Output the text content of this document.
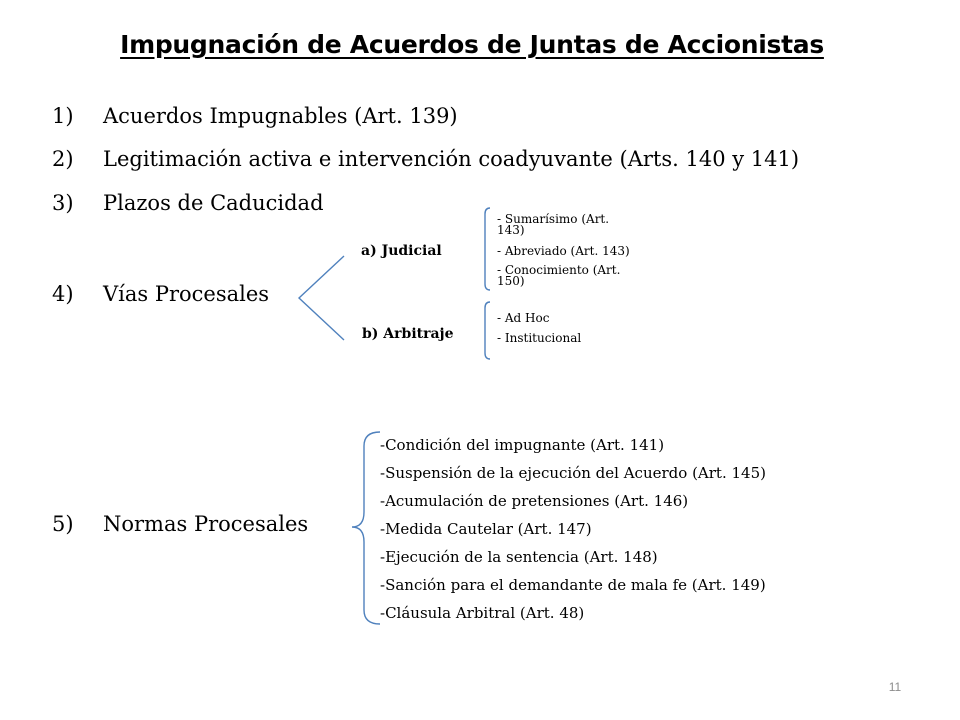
Impugnación de Acuerdos de Juntas de Accionistas
1) Acuerdos Impugnables (Art. 139)
2) Legitimación activa e intervención coadyuvante (Arts. 140 y 141)
3) Plazos de Caducidad
4) Vías Procesales
5) Normas Procesales
a) Judicial
b) Arbitraje
- Sumarísimo (Art.
143)
- Abreviado (Art. 143)
- Conocimiento (Art.
150)
- Ad Hoc
- Institucional
-Condición del impugnante (Art. 141)
-Suspensión de la ejecución del Acuerdo (Art. 145)
-Acumulación de pretensiones (Art. 146)
-Medida Cautelar (Art. 147)
-Ejecución de la sentencia (Art. 148)
-Sanción para el demandante de mala fe (Art. 149)
-Cláusula Arbitral (Art. 48)
11
